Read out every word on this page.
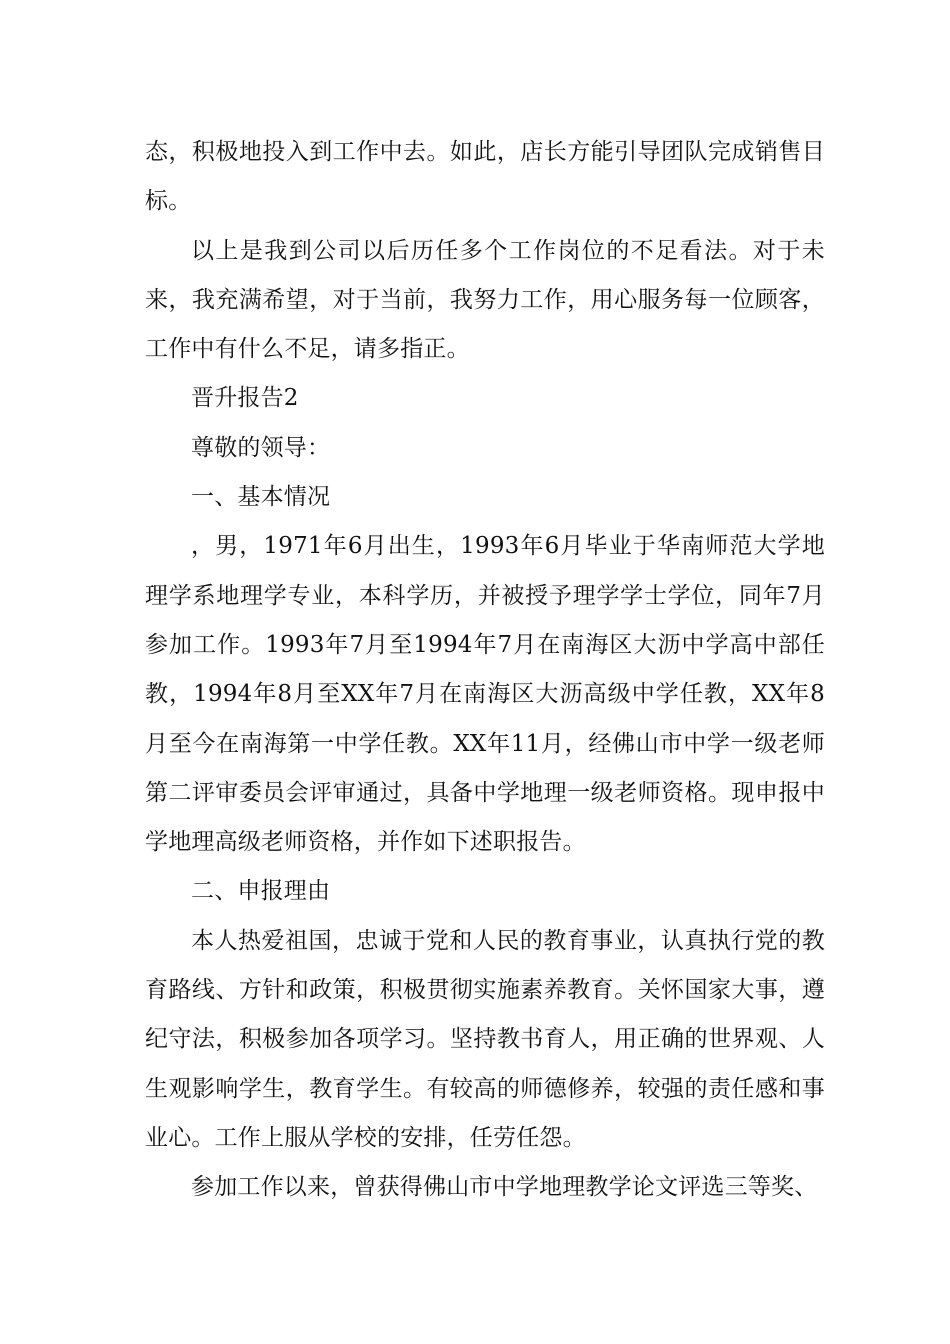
态，积极地投入到工作中去。如此，店长方能引导团队完成销售目标。

以上是我到公司以后历任多个工作岗位的不足看法。对于未来，我充满希望，对于当前，我努力工作，用心服务每一位顾客，工作中有什么不足，请多指正。

晋升报告2

尊敬的领导：

一、基本情况

，男，1971年6月出生，1993年6月毕业于华南师范大学地理学系地理学专业，本科学历，并被授予理学学士学位，同年7月参加工作。1993年7月至1994年7月在南海区大沥中学高中部任教，1994年8月至XX年7月在南海区大沥高级中学任教，XX年8月至今在南海第一中学任教。XX年11月，经佛山市中学一级老师第二评审委员会评审通过，具备中学地理一级老师资格。现申报中学地理高级老师资格，并作如下述职报告。

二、申报理由

本人热爱祖国，忠诚于党和人民的教育事业，认真执行党的教育路线、方针和政策，积极贯彻实施素养教育。关怀国家大事，遵纪守法，积极参加各项学习。坚持教书育人，用正确的世界观、人生观影响学生，教育学生。有较高的师德修养，较强的责任感和事业心。工作上服从学校的安排，任劳任怨。

参加工作以来，曾获得佛山市中学地理教学论文评选三等奖、
